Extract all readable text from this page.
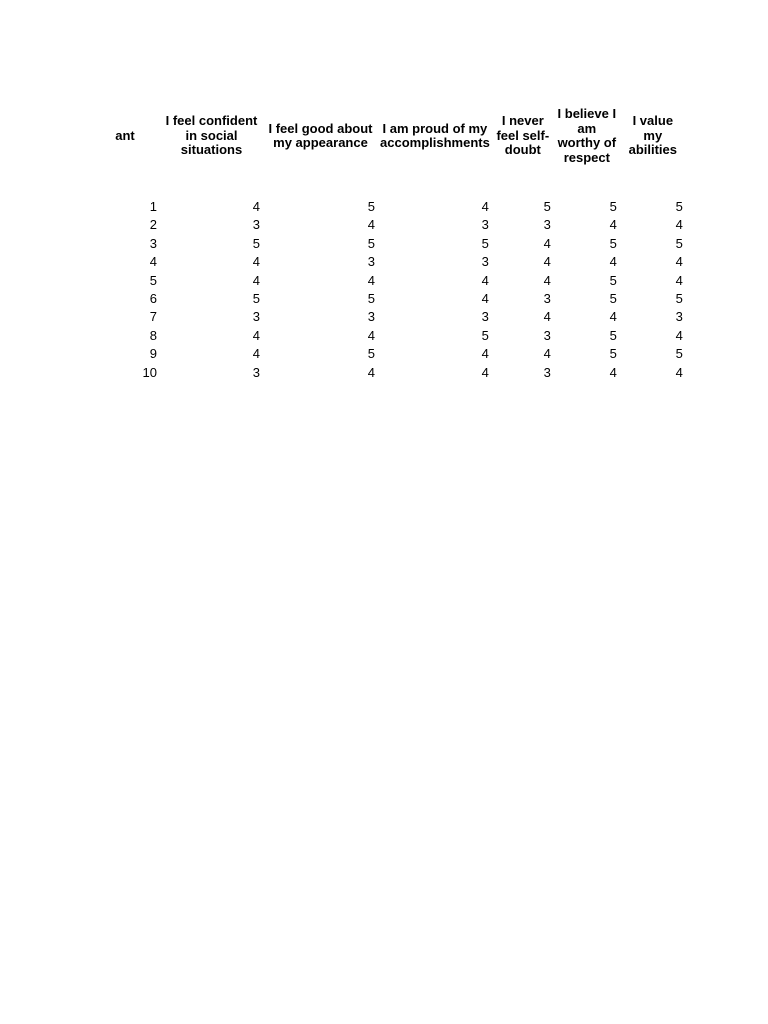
ant	I feel confident in social situations	I feel good about my appearance	I am proud of my accomplishments	I never feel self-doubt	I believe I am worthy of respect	I value my abilities

1	4	5	4	5	5	5
2	3	4	3	3	4	4
3	5	5	5	4	5	5
4	4	3	3	4	4	4
5	4	4	4	4	5	4
6	5	5	4	3	5	5
7	3	3	3	4	4	3
8	4	4	5	3	5	4
9	4	5	4	4	5	5
10	3	4	4	3	4	4
